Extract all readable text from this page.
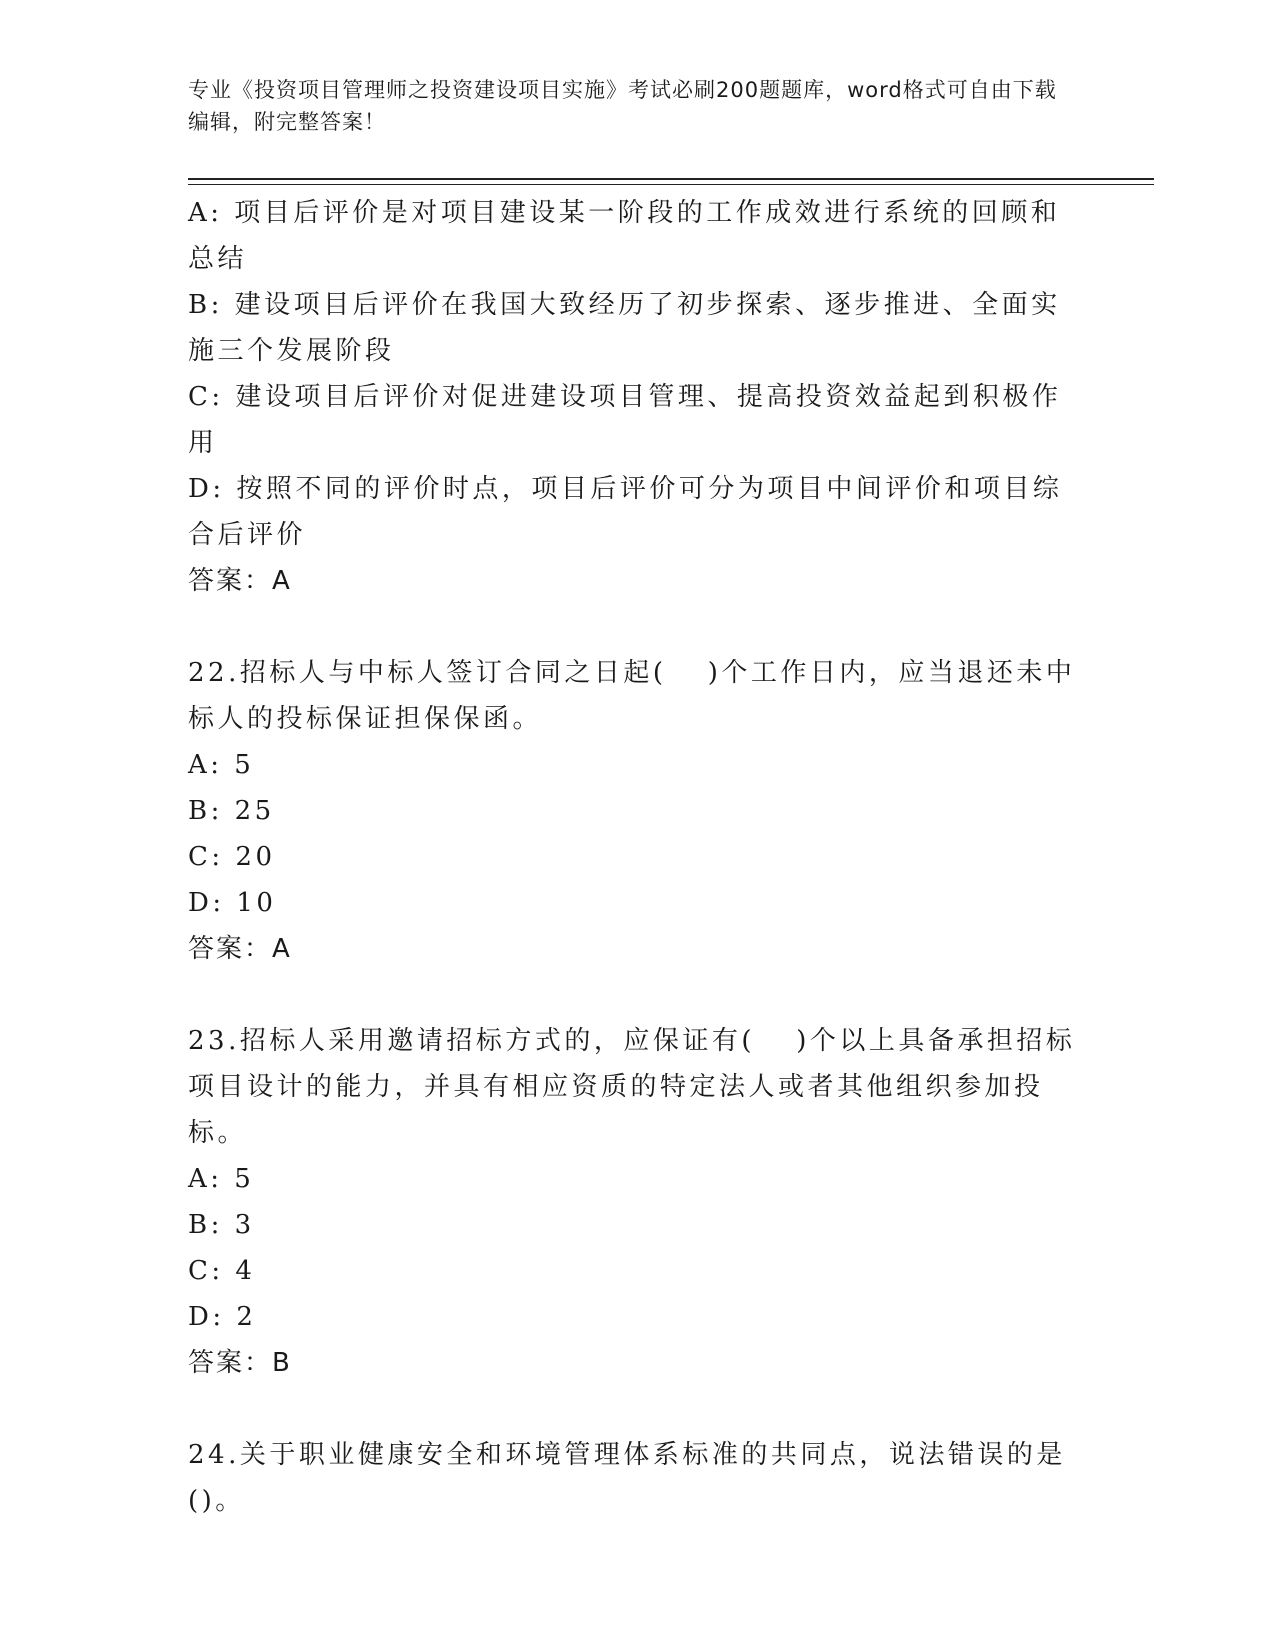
专业《投资项目管理师之投资建设项目实施》考试必刷200题题库，word格式可自由下载编辑，附完整答案！
A: 项目后评价是对项目建设某一阶段的工作成效进行系统的回顾和总结
B: 建设项目后评价在我国大致经历了初步探索、逐步推进、全面实施三个发展阶段
C: 建设项目后评价对促进建设项目管理、提高投资效益起到积极作用
D: 按照不同的评价时点，项目后评价可分为项目中间评价和项目综合后评价
答案：A
22.招标人与中标人签订合同之日起(　 )个工作日内，应当退还未中标人的投标保证担保保函。
A: 5
B: 25
C: 20
D: 10
答案：A
23.招标人采用邀请招标方式的，应保证有(　 )个以上具备承担招标项目设计的能力，并具有相应资质的特定法人或者其他组织参加投标。
A: 5
B: 3
C: 4
D: 2
答案：B
24.关于职业健康安全和环境管理体系标准的共同点，说法错误的是()。
